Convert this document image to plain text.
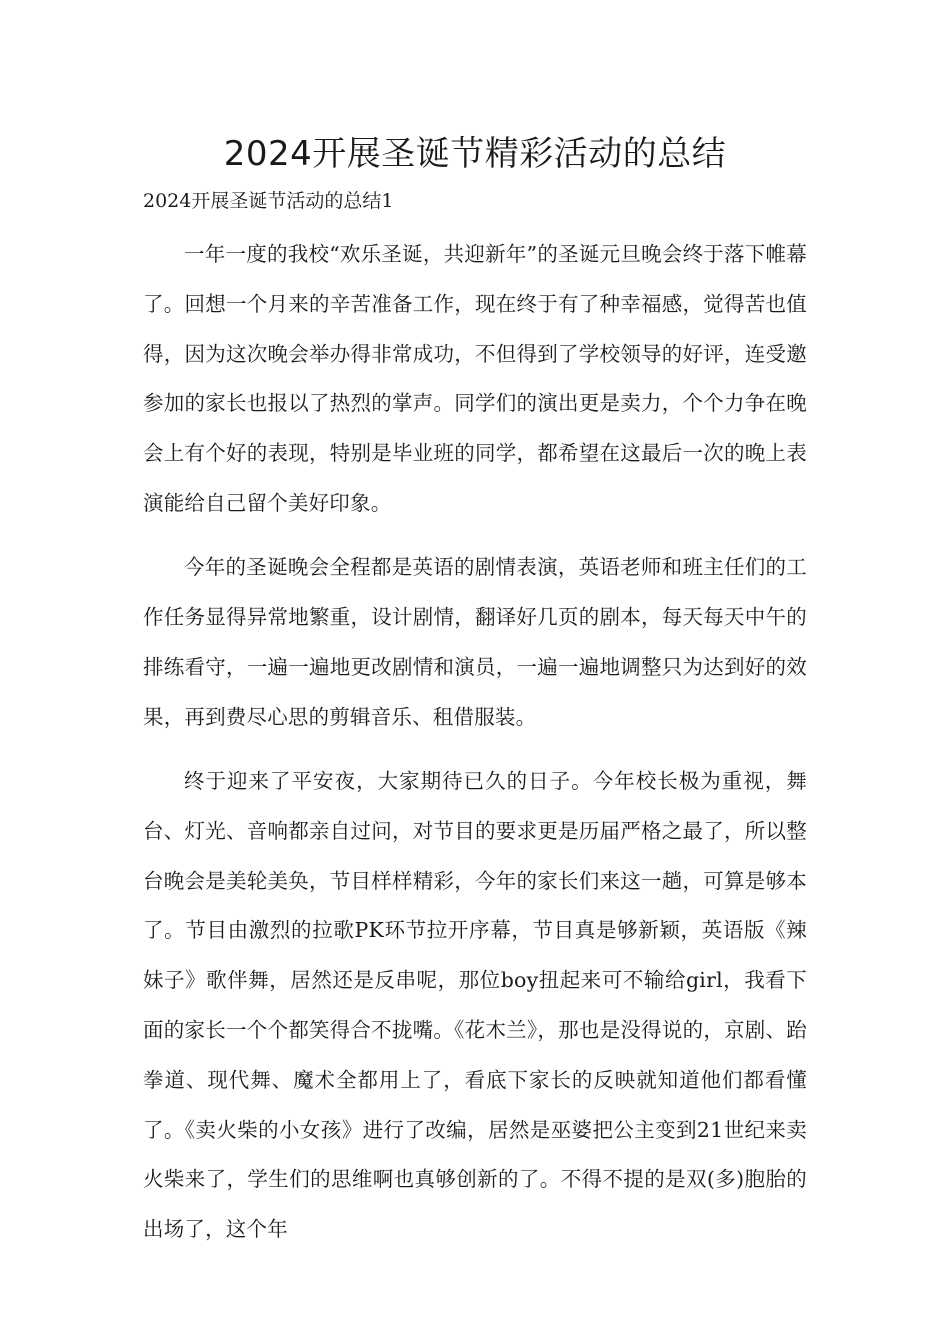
2024开展圣诞节精彩活动的总结
2024开展圣诞节活动的总结1

一年一度的我校“欢乐圣诞，共迎新年”的圣诞元旦晚会终于落下帷幕了。回想一个月来的辛苦准备工作，现在终于有了种幸福感，觉得苦也值得，因为这次晚会举办得非常成功，不但得到了学校领导的好评，连受邀参加的家长也报以了热烈的掌声。同学们的演出更是卖力，个个力争在晚会上有个好的表现，特别是毕业班的同学，都希望在这最后一次的晚上表演能给自己留个美好印象。

今年的圣诞晚会全程都是英语的剧情表演，英语老师和班主任们的工作任务显得异常地繁重，设计剧情，翻译好几页的剧本，每天每天中午的排练看守，一遍一遍地更改剧情和演员，一遍一遍地调整只为达到好的效果，再到费尽心思的剪辑音乐、租借服装。

终于迎来了平安夜，大家期待已久的日子。今年校长极为重视，舞台、灯光、音响都亲自过问，对节目的要求更是历届严格之最了，所以整台晚会是美轮美奂，节目样样精彩，今年的家长们来这一趟，可算是够本了。节目由激烈的拉歌PK环节拉开序幕，节目真是够新颖，英语版《辣妹子》歌伴舞，居然还是反串呢，那位boy扭起来可不输给girl，我看下面的家长一个个都笑得合不拢嘴。《花木兰》，那也是没得说的，京剧、跆拳道、现代舞、魔术全都用上了，看底下家长的反映就知道他们都看懂了。《卖火柴的小女孩》进行了改编，居然是巫婆把公主变到21世纪来卖火柴来了，学生们的思维啊也真够创新的了。不得不提的是双(多)胞胎的出场了，这个年
